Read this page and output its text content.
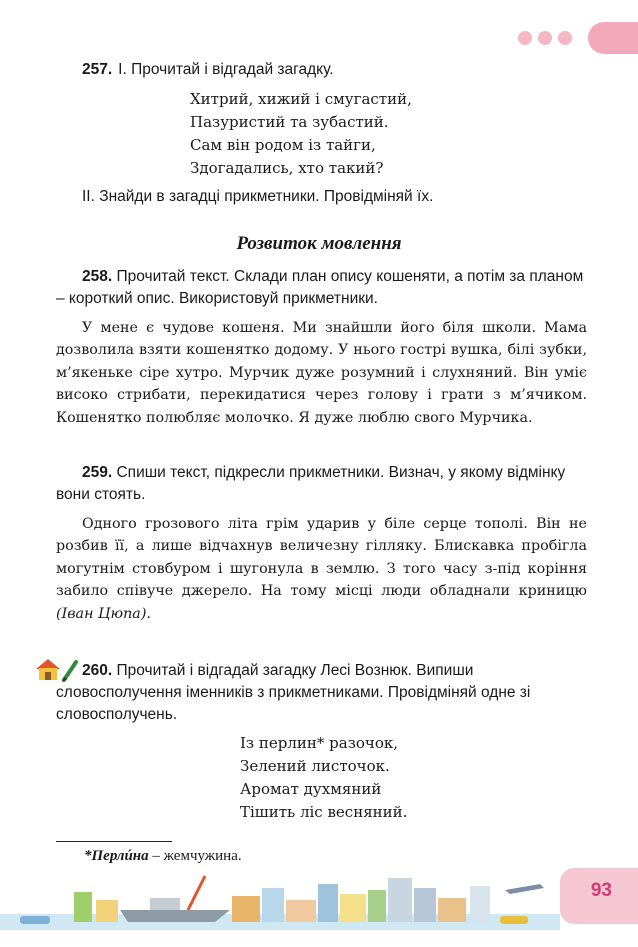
257. І. Прочитай і відгадай загадку.
Хитрий, хижий і смугастий,
Пазуристий та зубастий.
Сам він родом із тайги,
Здогадались, хто такий?
ІІ. Знайди в загадці прикметники. Провідміняй їх.
Розвиток мовлення
258. Прочитай текст. Склади план опису кошеняти, а потім за планом – короткий опис. Використовуй прикметники.
У мене є чудове кошеня. Ми знайшли його біля школи. Мама дозволила взяти кошенятко додому. У нього гострі вушка, білі зубки, м’якеньке сіре хутро. Мурчик дуже розумний і слухняний. Він уміє високо стрибати, перекидатися через голову і грати з м’ячиком. Кошенятко полюбляє молочко. Я дуже люблю свого Мурчика.
259. Спиши текст, підкресли прикметники. Визнач, у якому відмінку вони стоять.
Одного грозового літа грім ударив у біле серце тополі. Він не розбив її, а лише відчахнув величезну гілляку. Блискавка пробігла могутнім стовбуром і шугонула в землю. З того часу з-під коріння забило співуче джерело. На тому місці люди обладнали криницю (Іван Цюпа).
260. Прочитай і відгадай загадку Лесі Вознюк. Випиши словосполучення іменників з прикметниками. Провідміняй одне зі словосполучень.
Із перлин* разочок,
Зелений листочок.
Аромат духмяний
Тішить ліс весняний.
*Перлúна – жемчужина.
93
